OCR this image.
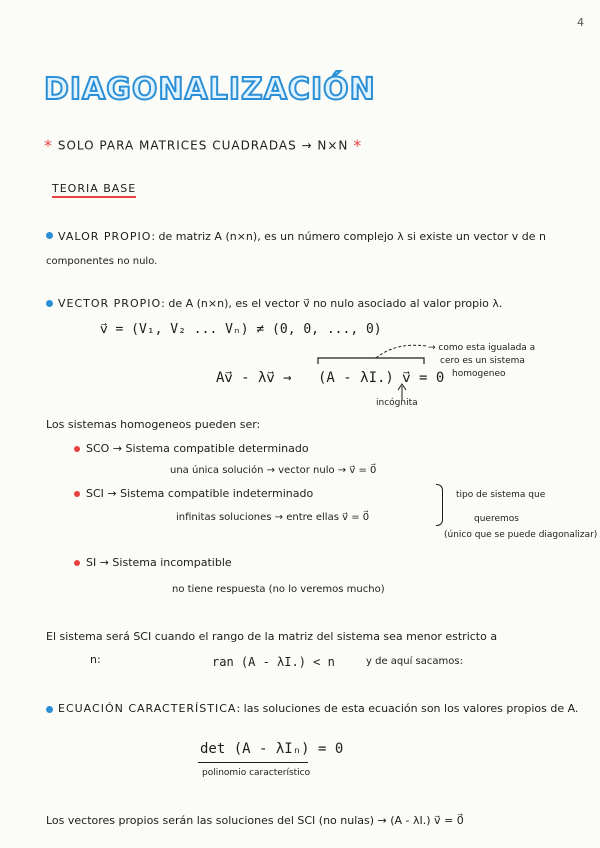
4
DIAGONALIZACIÓN
* SOLO PARA MATRICES CUADRADAS → N×N *
TEORIA BASE
VALOR PROPIO: de matriz A (n×n), es un número complejo λ si existe un vector v de n
componentes no nulo.
VECTOR PROPIO: de A (n×n), es el vector v⃗ no nulo asociado al valor propio λ.
v⃗ = (V₁, V₂ ... Vₙ) ≠ (0, 0, ..., 0)
Av⃗ - λv⃗ → (A - λI.) v⃗ = 0
→ como esta igualada a
cero es un sistema
homogeneo
incógnita
Los sistemas homogeneos pueden ser:
SCO → Sistema compatible determinado
una única solución → vector nulo → v⃗ = 0⃗
SCI → Sistema compatible indeterminado
infinitas soluciones → entre ellas v⃗ = 0⃗
tipo de sistema que
queremos
(único que se puede diagonalizar)
SI → Sistema incompatible
no tiene respuesta (no lo veremos mucho)
El sistema será SCI cuando el rango de la matriz del sistema sea menor estricto a
n:	ran (A - λI.) < n	y de aquí sacamos:
ECUACIÓN CARACTERÍSTICA: las soluciones de esta ecuación son los valores propios de A.
det (A - λIₙ) = 0
polinomio característico
Los vectores propios serán las soluciones del SCI (no nulas) → (A - λI.) v⃗ = 0⃗
